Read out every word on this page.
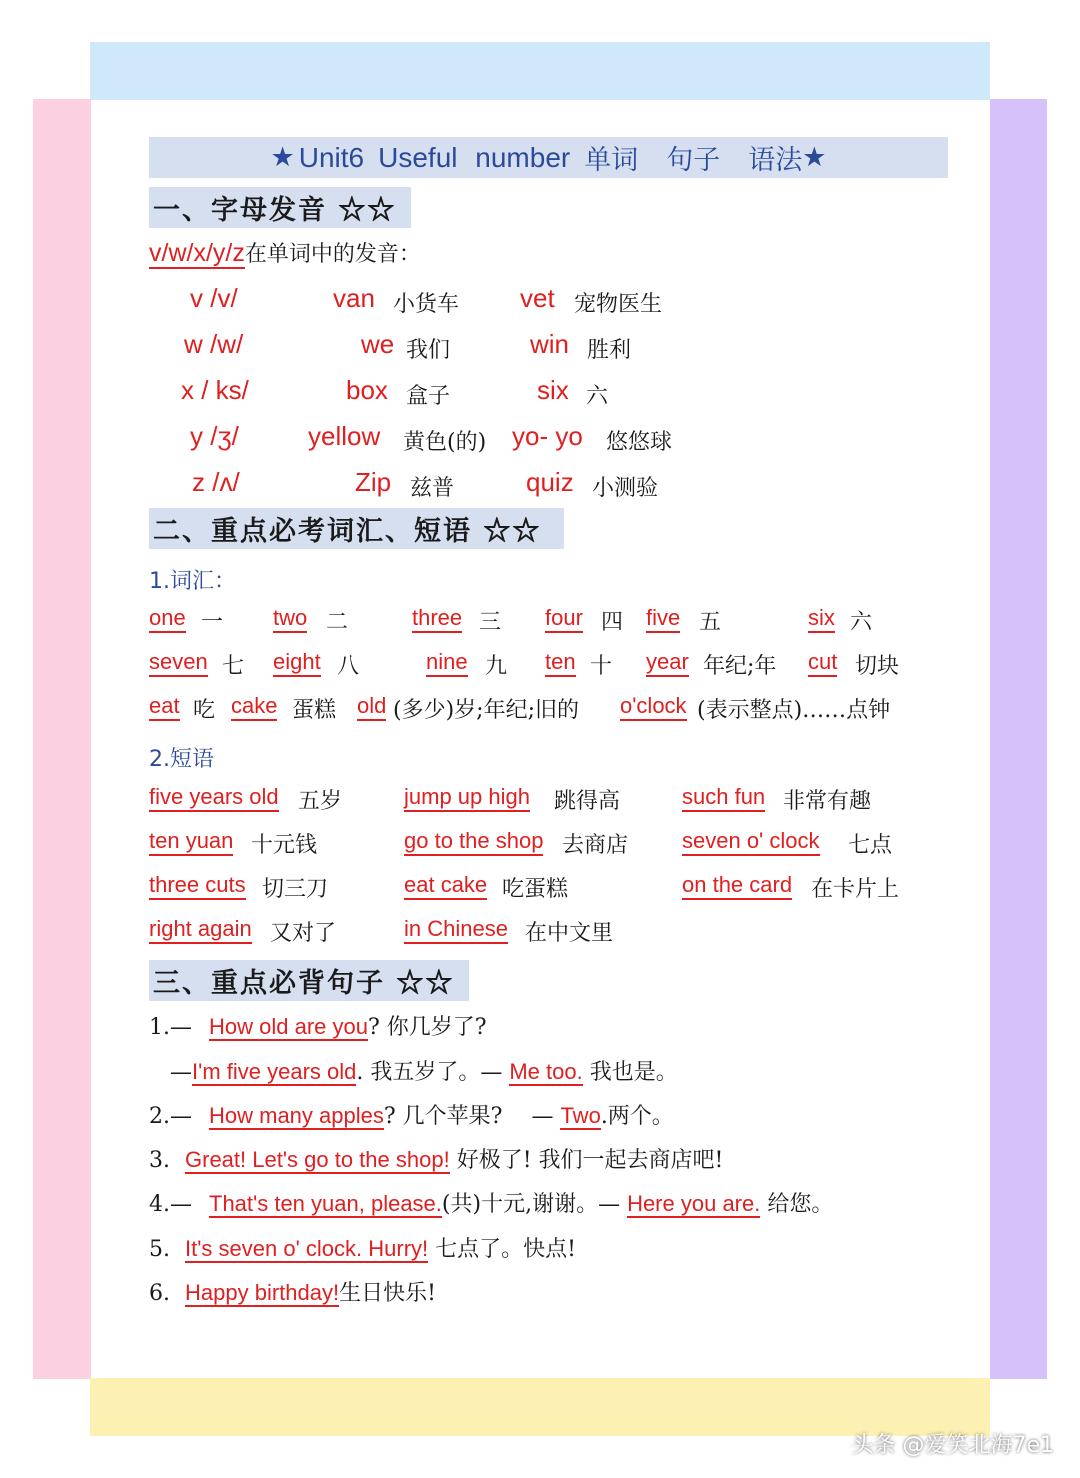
★ Unit6 Useful number 单词 句子 语法 ★
一、字母发音 ☆☆
v/w/x/y/z在单词中的发音：
v /v/	van 小货车 vet 宠物医生
w /w/	we 我们	win 胜利
x / ks/	box 盒子	six 六
y /ʒ/	yellow 黄色(的) yo- yo 悠悠球
z /ʌ/	Zip 兹普	quiz 小测验
二、重点必考词汇、短语 ☆☆
1.词汇：
one 一 two 二	three 三 four 四 five 五	six 六
seven 七 eight 八	nine 九 ten 十 year 年纪;年 cut 切块
eat 吃 cake 蛋糕 old (多少)岁;年纪;旧的 o'clock (表示整点)……点钟
2.短语
five years old 五岁	jump up high 跳得高	such fun 非常有趣
ten yuan 十元钱	go to the shop 去商店 seven o' clock 七点
three cuts 切三刀	eat cake 吃蛋糕	on the card 在卡片上
right again 又对了	in Chinese 在中文里
三、重点必背句子 ☆☆
1.— How old are you? 你几岁了?
—I'm five years old. 我五岁了。— Me too. 我也是。
2.— How many apples? 几个苹果?　 — Two.两个。
3. Great! Let's go to the shop! 好极了! 我们一起去商店吧!
4.— That's ten yuan, please.(共)十元,谢谢。— Here you are. 给您。
5. It's seven o' clock. Hurry! 七点了。快点!
6. Happy birthday!生日快乐!
头条 @爱笑北海7e1
